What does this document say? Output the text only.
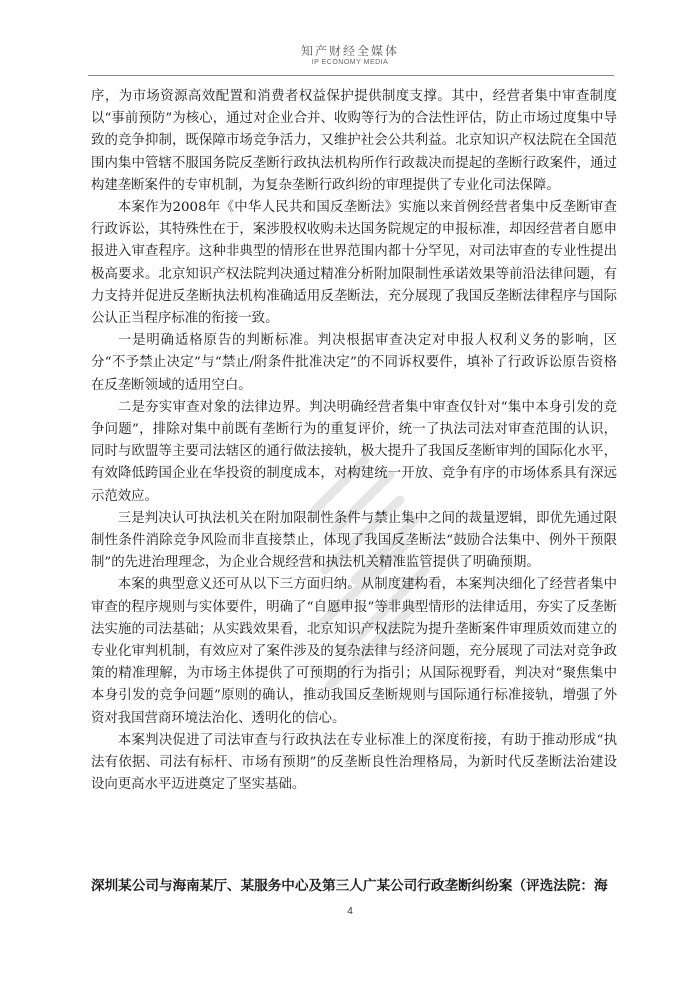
知产财经全媒体
IP ECONOMY MEDIA

序，为市场资源高效配置和消费者权益保护提供制度支撑。其中，经营者集中审查制度以“事前预防”为核心，通过对企业合并、收购等行为的合法性评估，防止市场过度集中导致的竞争抑制，既保障市场竞争活力，又维护社会公共利益。北京知识产权法院在全国范围内集中管辖不服国务院反垄断行政执法机构所作行政裁决而提起的垄断行政案件，通过构建垄断案件的专审机制，为复杂垄断行政纠纷的审理提供了专业化司法保障。

本案作为2008年《中华人民共和国反垄断法》实施以来首例经营者集中反垄断审查行政诉讼，其特殊性在于，案涉股权收购未达国务院规定的申报标准，却因经营者自愿申报进入审查程序。这种非典型的情形在世界范围内都十分罕见，对司法审查的专业性提出极高要求。北京知识产权法院判决通过精准分析附加限制性承诺效果等前沿法律问题，有力支持并促进反垄断执法机构准确适用反垄断法，充分展现了我国反垄断法律程序与国际公认正当程序标准的衔接一致。

一是明确适格原告的判断标准。判决根据审查决定对申报人权利义务的影响，区分“不予禁止决定”与“禁止/附条件批准决定”的不同诉权要件，填补了行政诉讼原告资格在反垄断领域的适用空白。

二是夯实审查对象的法律边界。判决明确经营者集中审查仅针对“集中本身引发的竞争问题”，排除对集中前既有垄断行为的重复评价，统一了执法司法对审查范围的认识，同时与欧盟等主要司法辖区的通行做法接轨，极大提升了我国反垄断审判的国际化水平，有效降低跨国企业在华投资的制度成本，对构建统一开放、竞争有序的市场体系具有深远示范效应。

三是判决认可执法机关在附加限制性条件与禁止集中之间的裁量逻辑，即优先通过限制性条件消除竞争风险而非直接禁止，体现了我国反垄断法“鼓励合法集中、例外干预限制”的先进治理理念，为企业合规经营和执法机关精准监管提供了明确预期。

本案的典型意义还可从以下三方面归纳。从制度建构看，本案判决细化了经营者集中审查的程序规则与实体要件，明确了“自愿申报”等非典型情形的法律适用，夯实了反垄断法实施的司法基础；从实践效果看，北京知识产权法院为提升垄断案件审理质效而建立的专业化审判机制，有效应对了案件涉及的复杂法律与经济问题，充分展现了司法对竞争政策的精准理解，为市场主体提供了可预期的行为指引；从国际视野看，判决对“聚焦集中本身引发的竞争问题”原则的确认，推动我国反垄断规则与国际通行标准接轨，增强了外资对我国营商环境法治化、透明化的信心。

本案判决促进了司法审查与行政执法在专业标准上的深度衔接，有助于推动形成“执法有依据、司法有标杆、市场有预期”的反垄断良性治理格局，为新时代反垄断法治建设设向更高水平迈进奠定了坚实基础。

深圳某公司与海南某厅、某服务中心及第三人广某公司行政垄断纠纷案（评选法院：海

4
